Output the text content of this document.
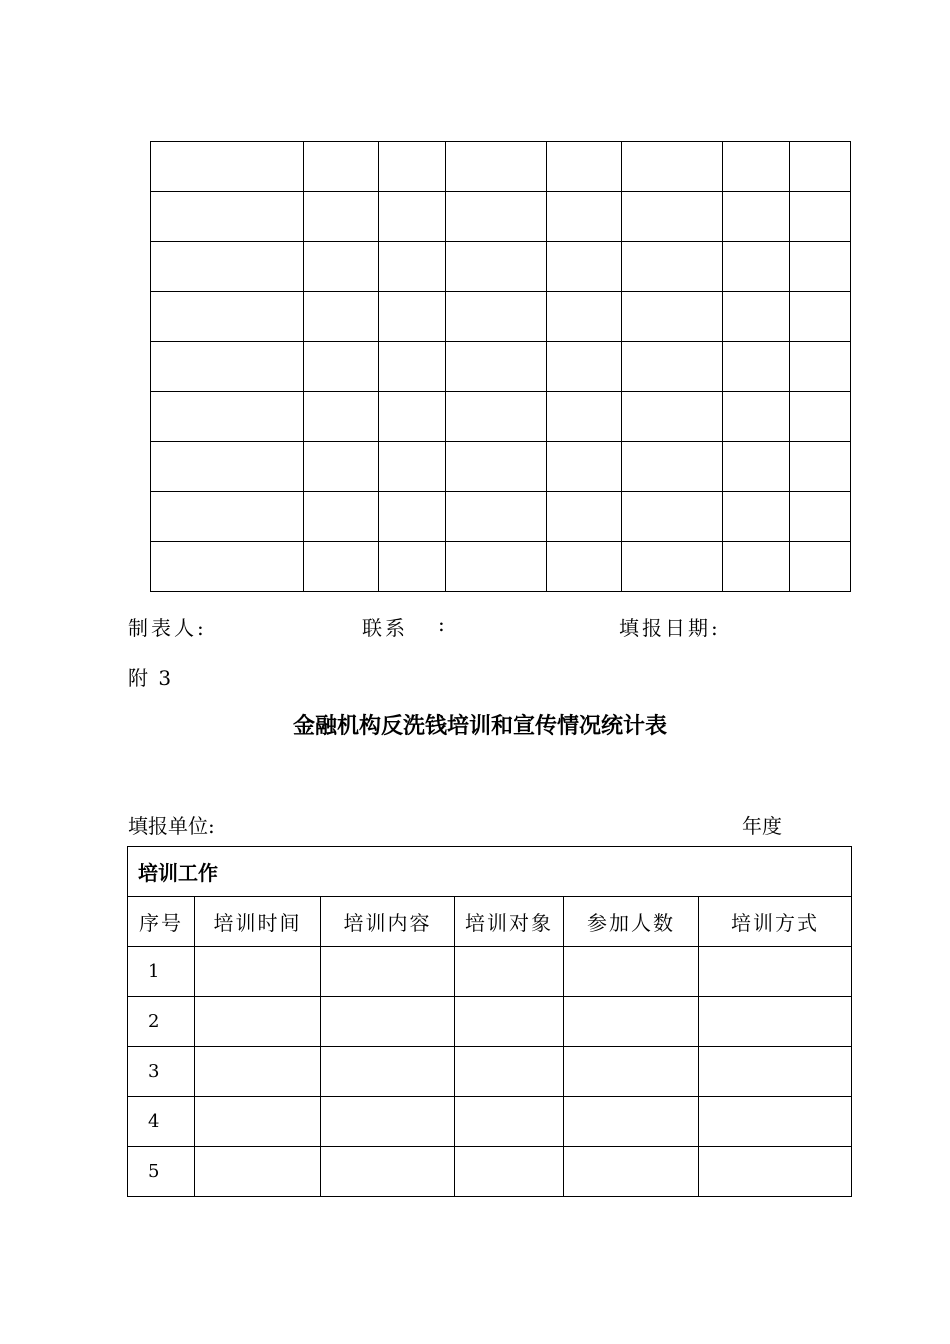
制表人:	联系 :	填报日期:
附 3
金融机构反洗钱培训和宣传情况统计表
填报单位:	年度
培训工作					
序号	培训时间	培训内容	培训对象	参加人数	培训方式
1					
2					
3					
4					
5					
